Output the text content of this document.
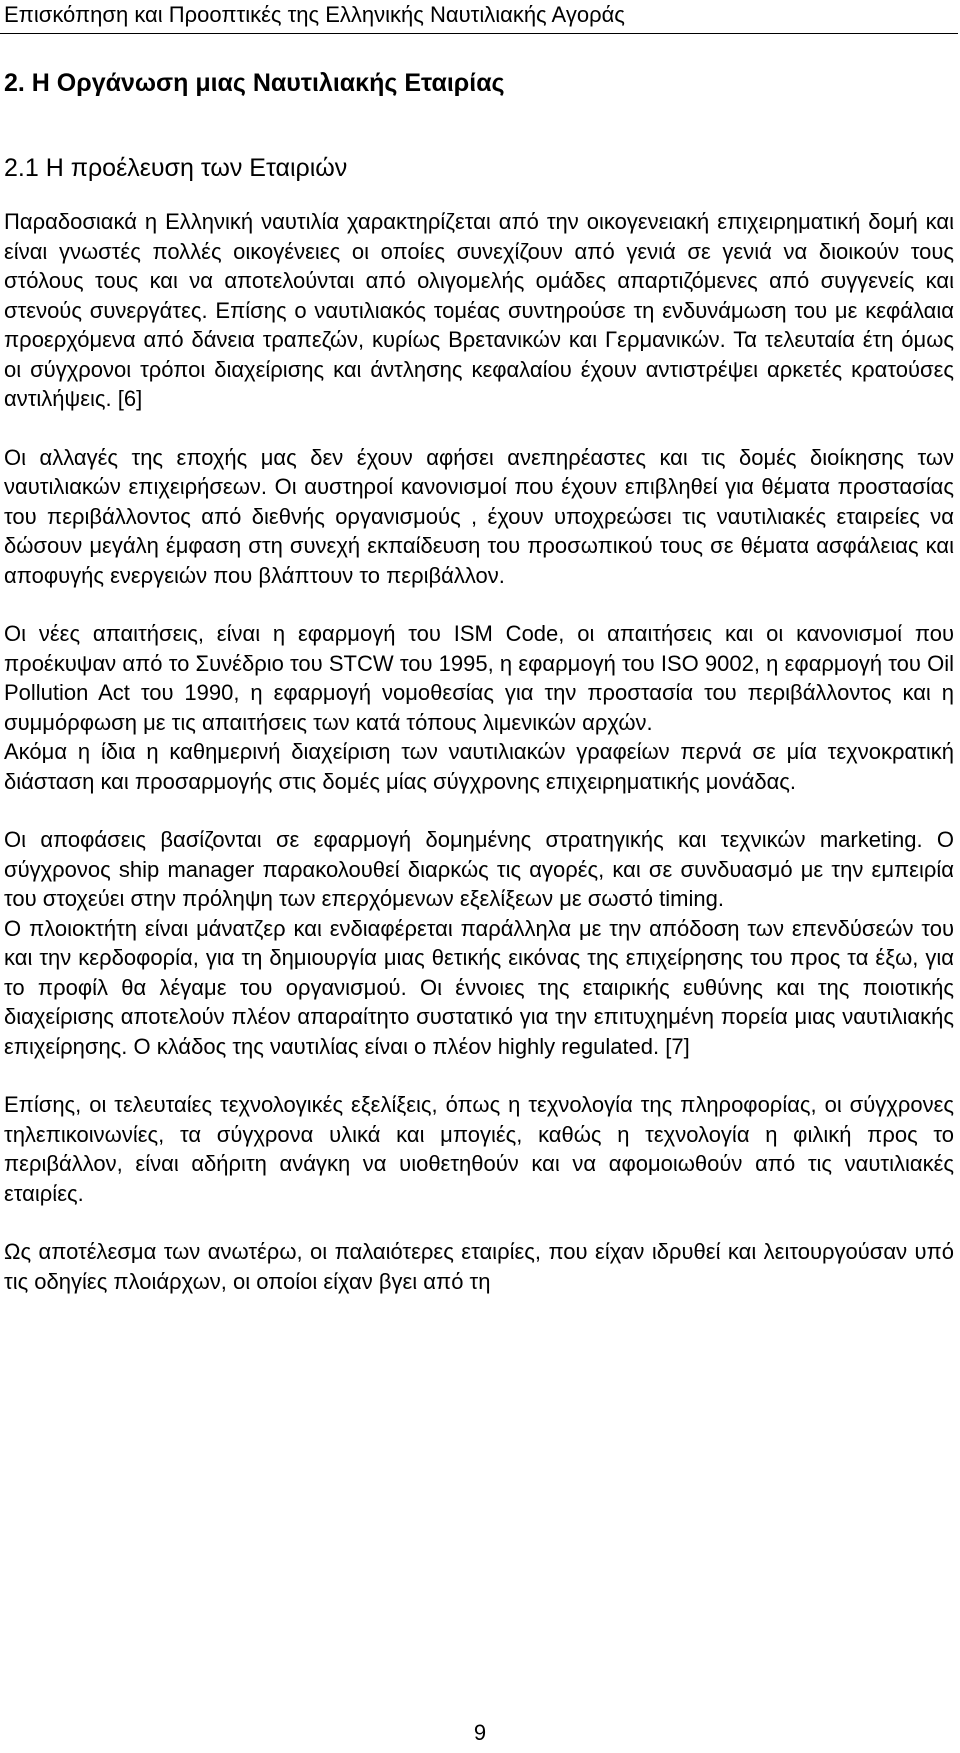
Επισκόπηση και Προοπτικές της Ελληνικής Ναυτιλιακής Αγοράς
2. Η Οργάνωση μιας Ναυτιλιακής Εταιρίας
2.1 Η προέλευση των Εταιριών

Παραδοσιακά η Ελληνική ναυτιλία χαρακτηρίζεται από την οικογενειακή επιχειρηματική δομή και είναι γνωστές πολλές οικογένειες οι οποίες συνεχίζουν από γενιά σε γενιά να διοικούν τους στόλους τους και να αποτελούνται από ολιγομελής ομάδες απαρτιζόμενες από συγγενείς και στενούς συνεργάτες. Επίσης ο ναυτιλιακός τομέας συντηρούσε τη ενδυνάμωση του με κεφάλαια προερχόμενα από δάνεια τραπεζών, κυρίως Βρετανικών και Γερμανικών. Τα τελευταία έτη όμως οι σύγχρονοι τρόποι διαχείρισης και άντλησης κεφαλαίου έχουν αντιστρέψει αρκετές κρατούσες αντιλήψεις. [6]

Οι αλλαγές της εποχής μας δεν έχουν αφήσει ανεπηρέαστες και τις δομές διοίκησης των ναυτιλιακών επιχειρήσεων. Οι αυστηροί κανονισμοί που έχουν επιβληθεί για θέματα προστασίας του περιβάλλοντος από διεθνής οργανισμούς , έχουν υποχρεώσει τις ναυτιλιακές εταιρείες να δώσουν μεγάλη έμφαση στη συνεχή εκπαίδευση του προσωπικού τους σε θέματα ασφάλειας και αποφυγής ενεργειών που βλάπτουν το περιβάλλον.

Οι νέες απαιτήσεις, είναι η εφαρμογή του ISM Code, οι απαιτήσεις και οι κανονισμοί που προέκυψαν από το Συνέδριο του STCW του 1995, η εφαρμογή του ISO 9002, η εφαρμογή του Oil Pollution Act του 1990, η εφαρμογή νομοθεσίας για την προστασία του περιβάλλοντος και η συμμόρφωση με τις απαιτήσεις των κατά τόπους λιμενικών αρχών.

Ακόμα η ίδια η καθημερινή διαχείριση των ναυτιλιακών γραφείων περνά σε μία τεχνοκρατική διάσταση και προσαρμογής στις δομές μίας σύγχρονης επιχειρηματικής μονάδας.

Οι αποφάσεις βασίζονται σε εφαρμογή δομημένης στρατηγικής και τεχνικών marketing. Ο σύγχρονος ship manager παρακολουθεί διαρκώς τις αγορές, και σε συνδυασμό με την εμπειρία του στοχεύει στην πρόληψη των επερχόμενων εξελίξεων με σωστό timing.

Ο πλοιοκτήτη είναι μάνατζερ και ενδιαφέρεται παράλληλα με την απόδοση των επενδύσεών του και την κερδοφορία, για τη δημιουργία μιας θετικής εικόνας της επιχείρησης του προς τα έξω, για το προφίλ θα λέγαμε του οργανισμού. Οι έννοιες της εταιρικής ευθύνης και της ποιοτικής διαχείρισης αποτελούν πλέον απαραίτητο συστατικό για την επιτυχημένη πορεία μιας ναυτιλιακής επιχείρησης. Ο κλάδος της ναυτιλίας είναι ο πλέον highly regulated. [7]

Επίσης, οι τελευταίες τεχνολογικές εξελίξεις, όπως η τεχνολογία της πληροφορίας, οι σύγχρονες τηλεπικοινωνίες, τα σύγχρονα υλικά και μπογιές, καθώς η τεχνολογία η φιλική προς το περιβάλλον, είναι αδήριτη ανάγκη να υιοθετηθούν και να αφομοιωθούν από τις ναυτιλιακές εταιρίες.

Ως αποτέλεσμα των ανωτέρω, οι παλαιότερες εταιρίες, που είχαν ιδρυθεί και λειτουργούσαν υπό τις οδηγίες πλοιάρχων, οι οποίοι είχαν βγει από τη

9
